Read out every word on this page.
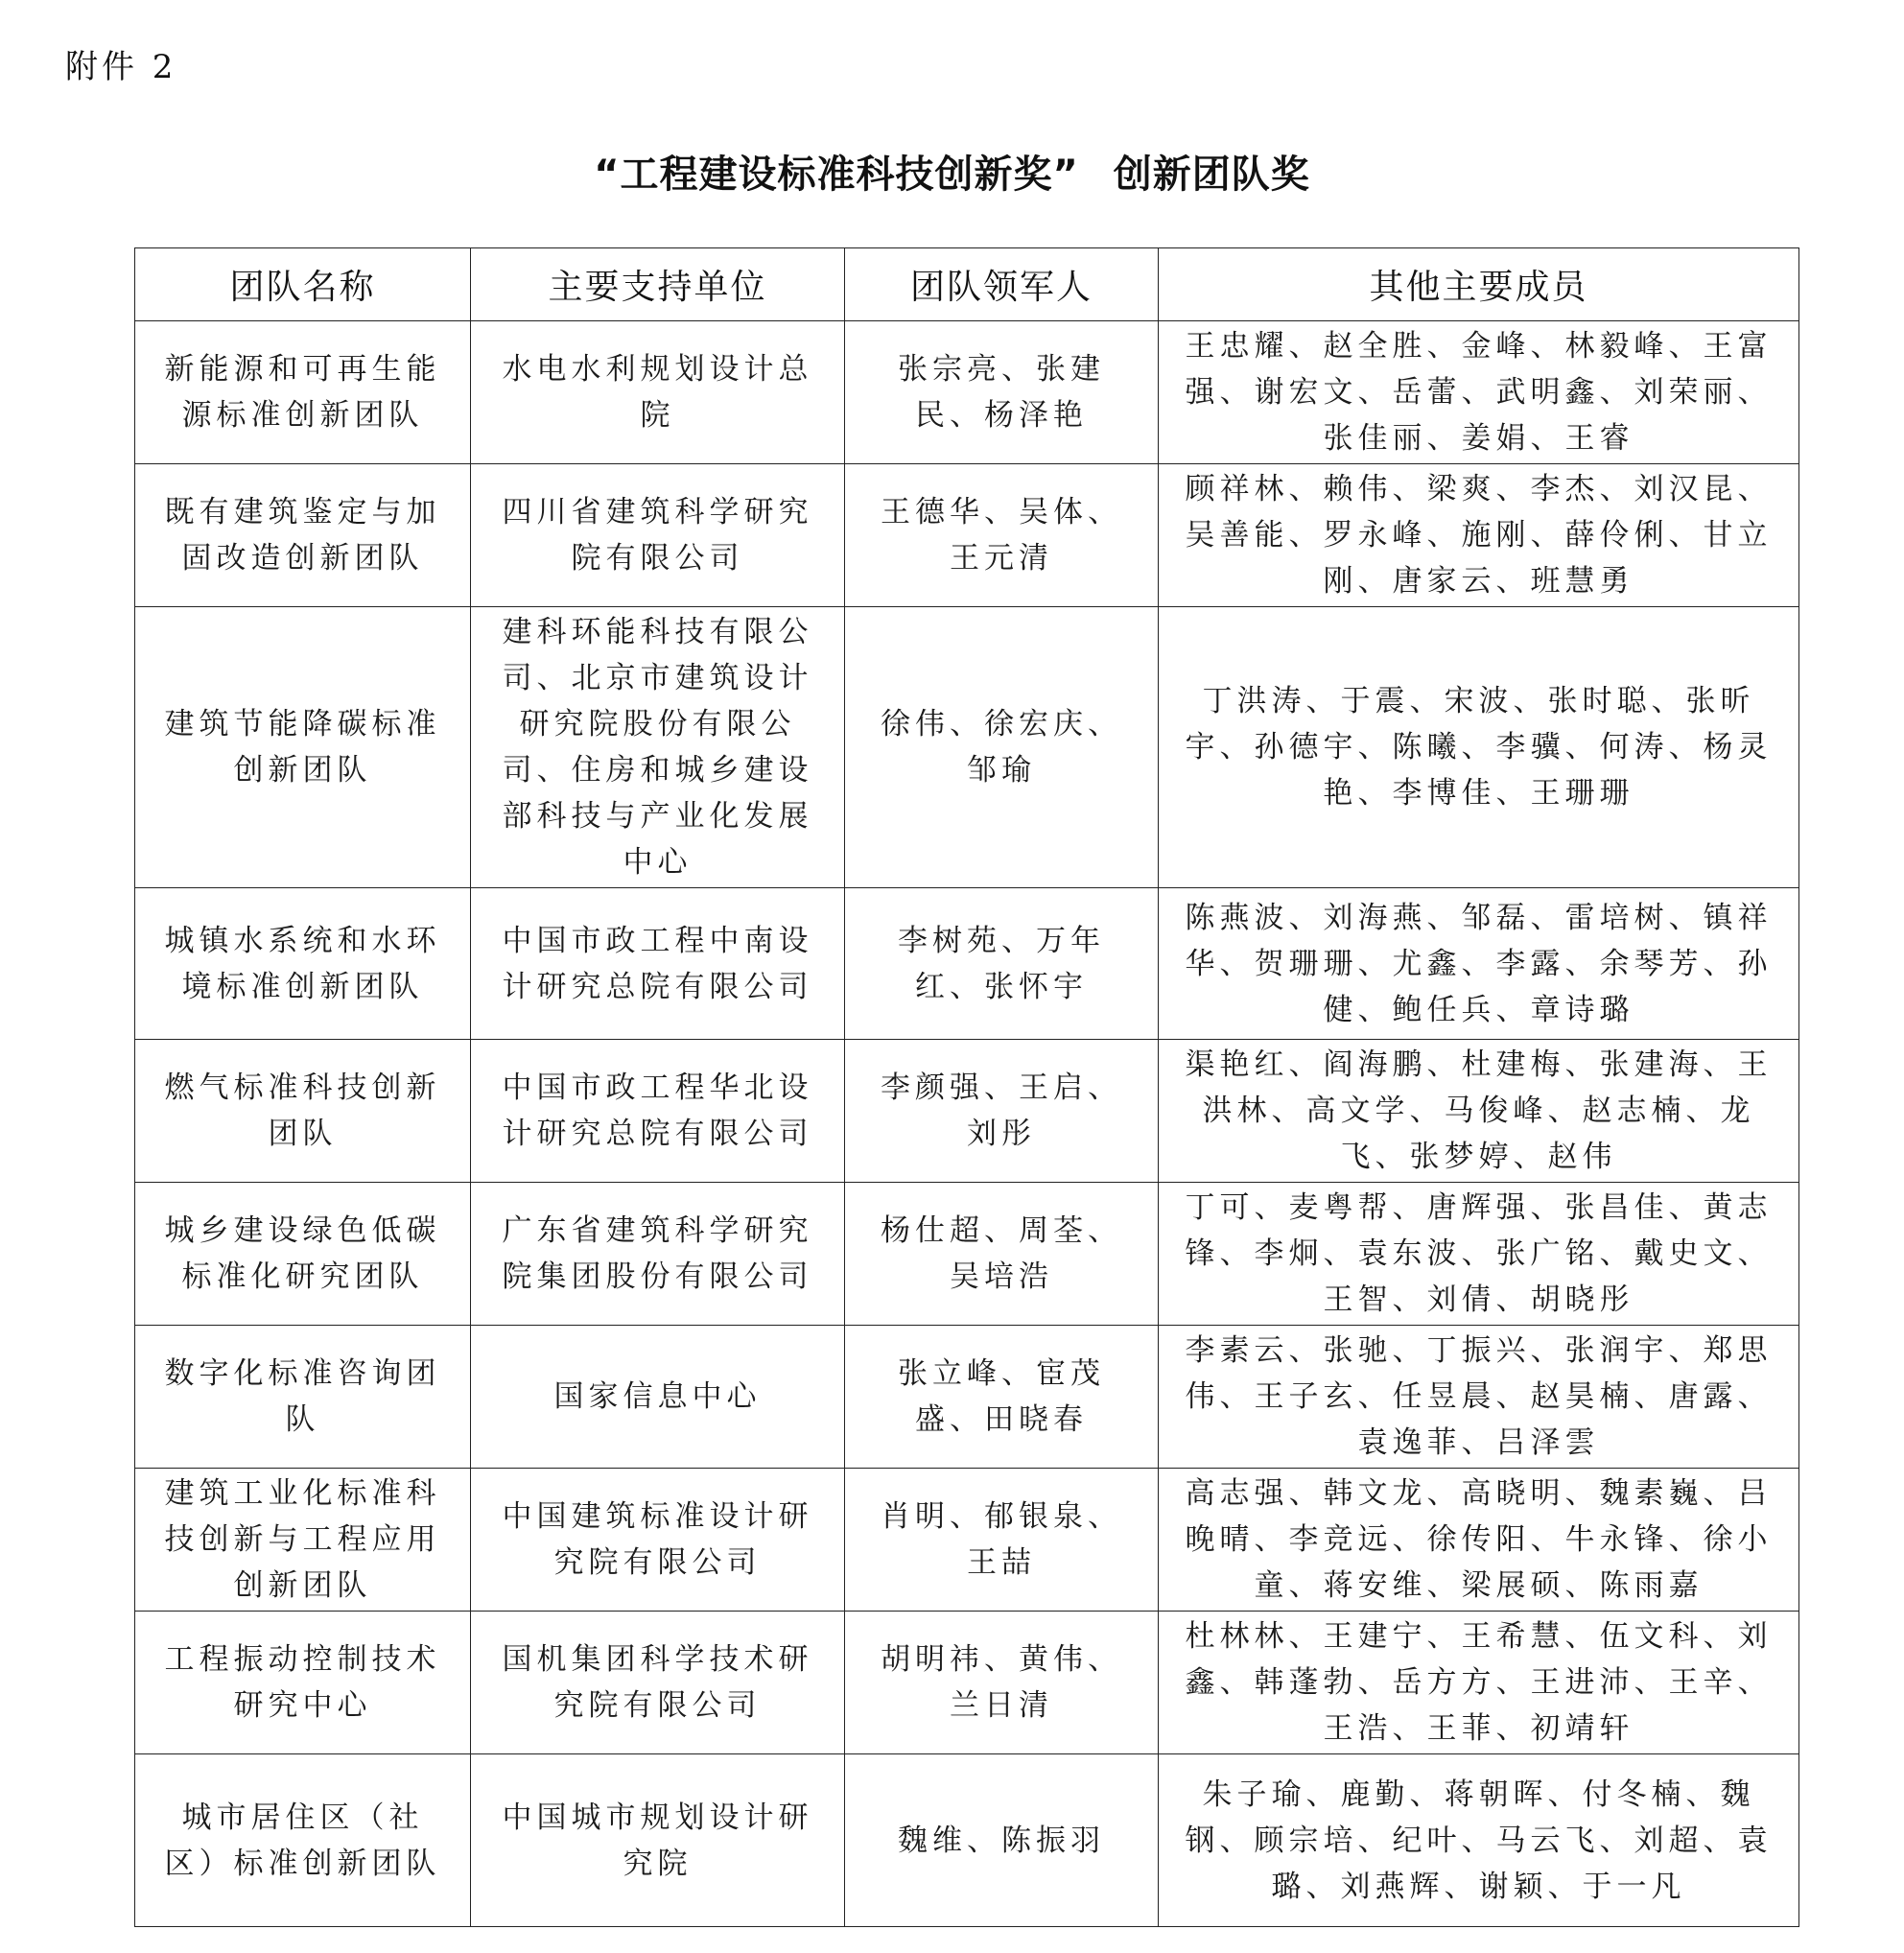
附件 2
“工程建设标准科技创新奖” 创新团队奖
团队名称	主要支持单位	团队领军人	其他主要成员
新能源和可再生能源标准创新团队	水电水利规划设计总院	张宗亮、张建民、杨泽艳	王忠耀、赵全胜、金峰、林毅峰、王富强、谢宏文、岳蕾、武明鑫、刘荣丽、张佳丽、姜娟、王睿
既有建筑鉴定与加固改造创新团队	四川省建筑科学研究院有限公司	王德华、吴体、王元清	顾祥林、赖伟、梁爽、李杰、刘汉昆、吴善能、罗永峰、施刚、薛伶俐、甘立刚、唐家云、班慧勇
建筑节能降碳标准创新团队	建科环能科技有限公司、北京市建筑设计研究院股份有限公司、住房和城乡建设部科技与产业化发展中心	徐伟、徐宏庆、邹瑜	丁洪涛、于震、宋波、张时聪、张昕宇、孙德宇、陈曦、李骥、何涛、杨灵艳、李博佳、王珊珊
城镇水系统和水环境标准创新团队	中国市政工程中南设计研究总院有限公司	李树苑、万年红、张怀宇	陈燕波、刘海燕、邹磊、雷培树、镇祥华、贺珊珊、尤鑫、李露、余琴芳、孙健、鲍任兵、章诗璐
燃气标准科技创新团队	中国市政工程华北设计研究总院有限公司	李颜强、王启、刘彤	渠艳红、阎海鹏、杜建梅、张建海、王洪林、高文学、马俊峰、赵志楠、龙飞、张梦婷、赵伟
城乡建设绿色低碳标准化研究团队	广东省建筑科学研究院集团股份有限公司	杨仕超、周荃、吴培浩	丁可、麦粤帮、唐辉强、张昌佳、黄志锋、李炯、袁东波、张广铭、戴史文、王智、刘倩、胡晓彤
数字化标准咨询团队	国家信息中心	张立峰、宦茂盛、田晓春	李素云、张驰、丁振兴、张润宇、郑思伟、王子玄、任昱晨、赵昊楠、唐露、袁逸菲、吕泽雲
建筑工业化标准科技创新与工程应用创新团队	中国建筑标准设计研究院有限公司	肖明、郁银泉、王喆	高志强、韩文龙、高晓明、魏素巍、吕晚晴、李竞远、徐传阳、牛永锋、徐小童、蒋安维、梁展硕、陈雨嘉
工程振动控制技术研究中心	国机集团科学技术研究院有限公司	胡明祎、黄伟、兰日清	杜林林、王建宁、王希慧、伍文科、刘鑫、韩蓬勃、岳方方、王进沛、王辛、王浩、王菲、初靖轩
城市居住区（社区）标准创新团队	中国城市规划设计研究院	魏维、陈振羽	朱子瑜、鹿勤、蒋朝晖、付冬楠、魏钢、顾宗培、纪叶、马云飞、刘超、袁璐、刘燕辉、谢颖、于一凡
